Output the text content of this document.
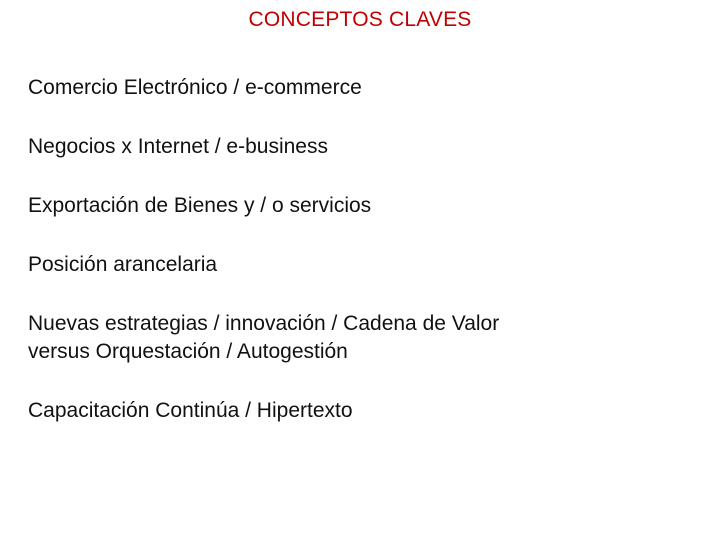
CONCEPTOS CLAVES
Comercio Electrónico / e-commerce
Negocios x Internet / e-business
Exportación de Bienes y / o servicios
Posición arancelaria
Nuevas estrategias / innovación / Cadena de Valor
versus Orquestación / Autogestión
Capacitación Continúa / Hipertexto
